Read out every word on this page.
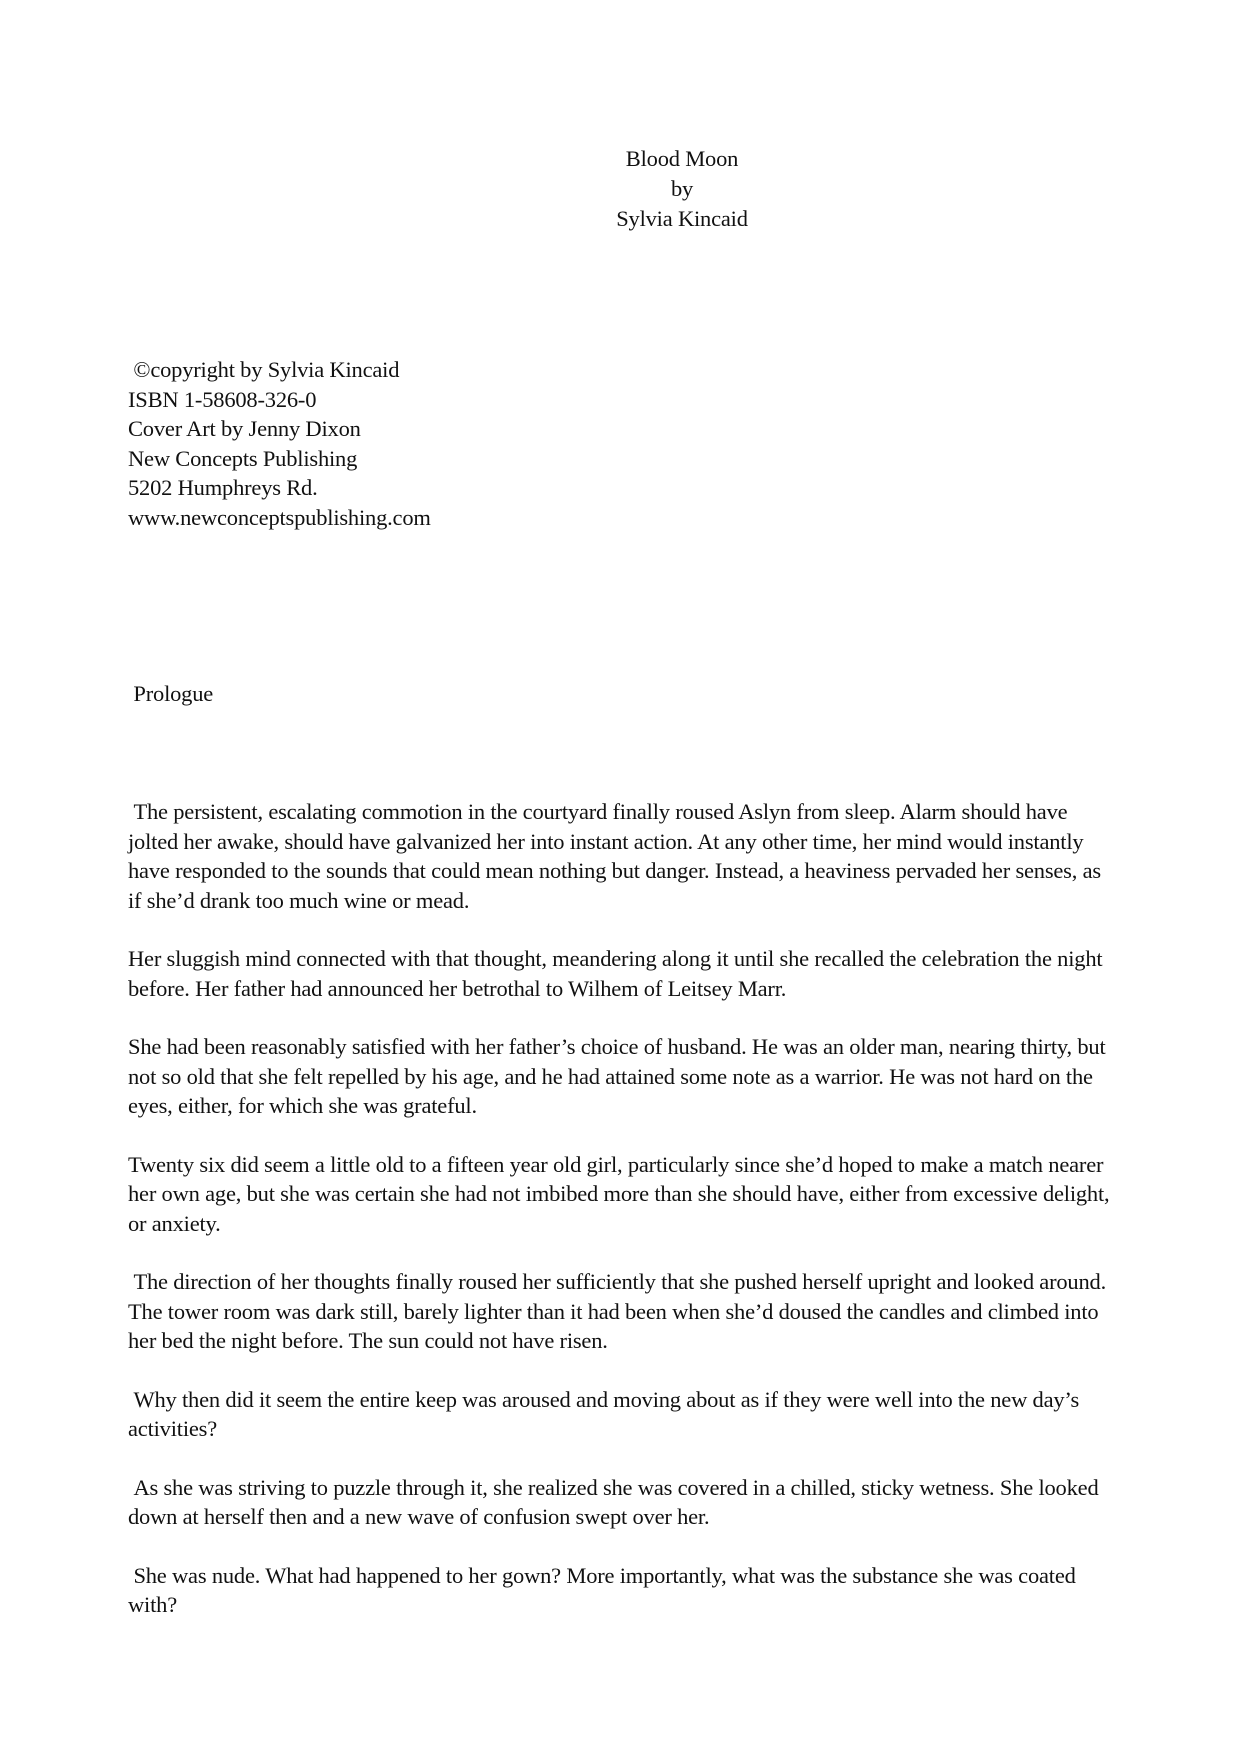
Blood Moon
by
Sylvia Kincaid
©copyright by Sylvia Kincaid
ISBN 1-58608-326-0
Cover Art by Jenny Dixon
New Concepts Publishing
5202 Humphreys Rd.
www.newconceptspublishing.com
Prologue

The persistent, escalating commotion in the courtyard finally roused Aslyn from sleep. Alarm should have jolted her awake, should have galvanized her into instant action. At any other time, her mind would instantly have responded to the sounds that could mean nothing but danger. Instead, a heaviness pervaded her senses, as if she’d drank too much wine or mead.

Her sluggish mind connected with that thought, meandering along it until she recalled the celebration the night before. Her father had announced her betrothal to Wilhem of Leitsey Marr.

She had been reasonably satisfied with her father’s choice of husband. He was an older man, nearing thirty, but not so old that she felt repelled by his age, and he had attained some note as a warrior. He was not hard on the eyes, either, for which she was grateful.

Twenty six did seem a little old to a fifteen year old girl, particularly since she’d hoped to make a match nearer her own age, but she was certain she had not imbibed more than she should have, either from excessive delight, or anxiety.

The direction of her thoughts finally roused her sufficiently that she pushed herself upright and looked around. The tower room was dark still, barely lighter than it had been when she’d doused the candles and climbed into her bed the night before. The sun could not have risen.

Why then did it seem the entire keep was aroused and moving about as if they were well into the new day’s activities?

As she was striving to puzzle through it, she realized she was covered in a chilled, sticky wetness. She looked down at herself then and a new wave of confusion swept over her.

She was nude. What had happened to her gown? More importantly, what was the substance she was coated with?
